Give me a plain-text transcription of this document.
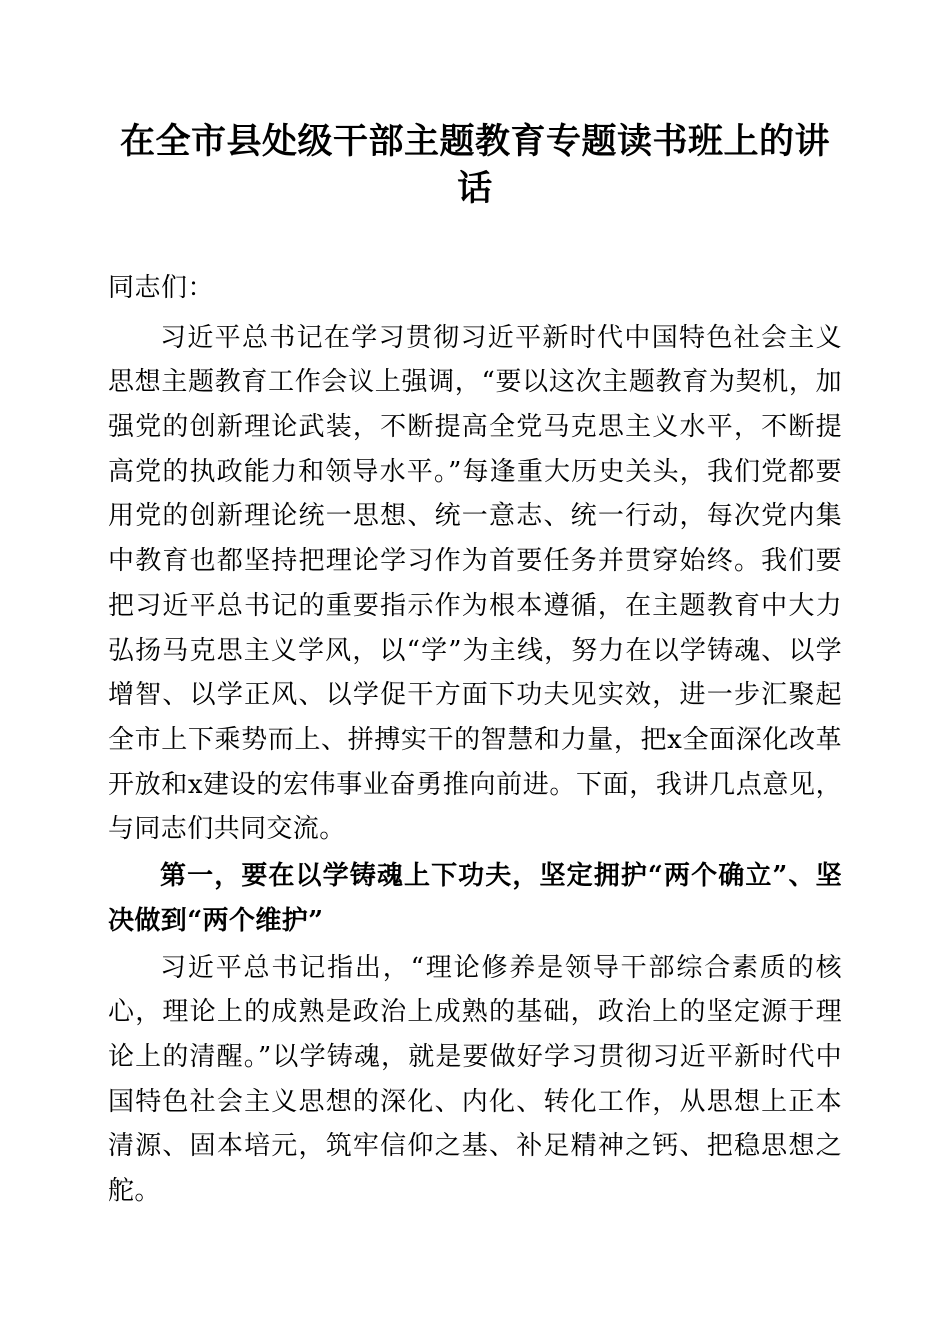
在全市县处级干部主题教育专题读书班上的讲话

同志们：

习近平总书记在学习贯彻习近平新时代中国特色社会主义思想主题教育工作会议上强调，“要以这次主题教育为契机，加强党的创新理论武装，不断提高全党马克思主义水平，不断提高党的执政能力和领导水平。”每逢重大历史关头，我们党都要用党的创新理论统一思想、统一意志、统一行动，每次党内集中教育也都坚持把理论学习作为首要任务并贯穿始终。我们要把习近平总书记的重要指示作为根本遵循，在主题教育中大力弘扬马克思主义学风，以“学”为主线，努力在以学铸魂、以学增智、以学正风、以学促干方面下功夫见实效，进一步汇聚起全市上下乘势而上、拼搏实干的智慧和力量，把x全面深化改革开放和x建设的宏伟事业奋勇推向前进。下面，我讲几点意见，与同志们共同交流。

第一，要在以学铸魂上下功夫，坚定拥护“两个确立”、坚决做到“两个维护”

习近平总书记指出，“理论修养是领导干部综合素质的核心，理论上的成熟是政治上成熟的基础，政治上的坚定源于理论上的清醒。”以学铸魂，就是要做好学习贯彻习近平新时代中国特色社会主义思想的深化、内化、转化工作，从思想上正本清源、固本培元，筑牢信仰之基、补足精神之钙、把稳思想之舵。
